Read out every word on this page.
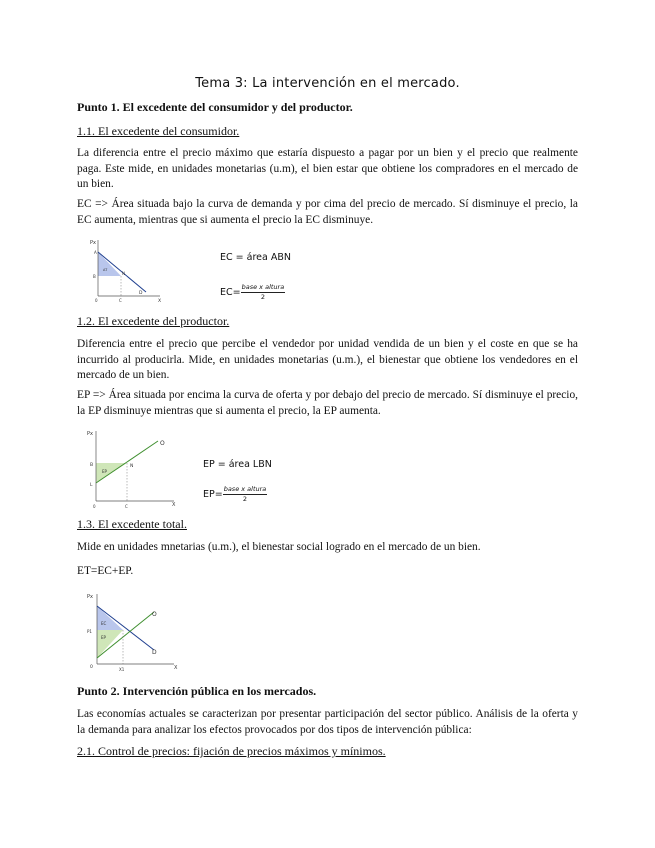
Tema 3: La intervención en el mercado.
Punto 1. El excedente del consumidor y del productor.
1.1. El excedente del consumidor.
La diferencia entre el precio máximo que estaría dispuesto a pagar por un bien y el precio que realmente paga. Este mide, en unidades monetarias (u.m), el bien estar que obtiene los compradores en el mercado de un bien.
EC => Área situada bajo la curva de demanda y por cima del precio de mercado. Sí disminuye el precio, la EC aumenta, mientras que si aumenta el precio la EC disminuye.
Px
A
B
N
D
0	C	X
AT
EC = área ABN
$EC= \frac{\text{base x altura}}{2}$
1.2. El excedente del productor.
Diferencia entre el precio que percibe el vendedor por unidad vendida de un bien y el coste en que se ha incurrido al producirla. Mide, en unidades monetarias (u.m.), el bienestar que obtiene los vendedores en el mercado de un bien.
EP => Área situada por encima la curva de oferta y por debajo del precio de mercado. Sí disminuye el precio, la EP disminuye mientras que si aumenta el precio, la EP aumenta.
Px
O
B	N
L
0	C	X
EP
EP = área LBN
$EP= \frac{\text{base x altura}}{2}$
1.3. El excedente total.
Mide en unidades mnetarias (u.m.), el bienestar social logrado en el mercado de un bien.
ET=EC+EP.
Px
O
D
P1
X1
0	X
EC
EP
Punto 2. Intervención pública en los mercados.
Las economías actuales se caracterizan por presentar participación del sector público. Análisis de la oferta y la demanda para analizar los efectos provocados por dos tipos de intervención pública:
2.1. Control de precios: fijación de precios máximos y mínimos.
